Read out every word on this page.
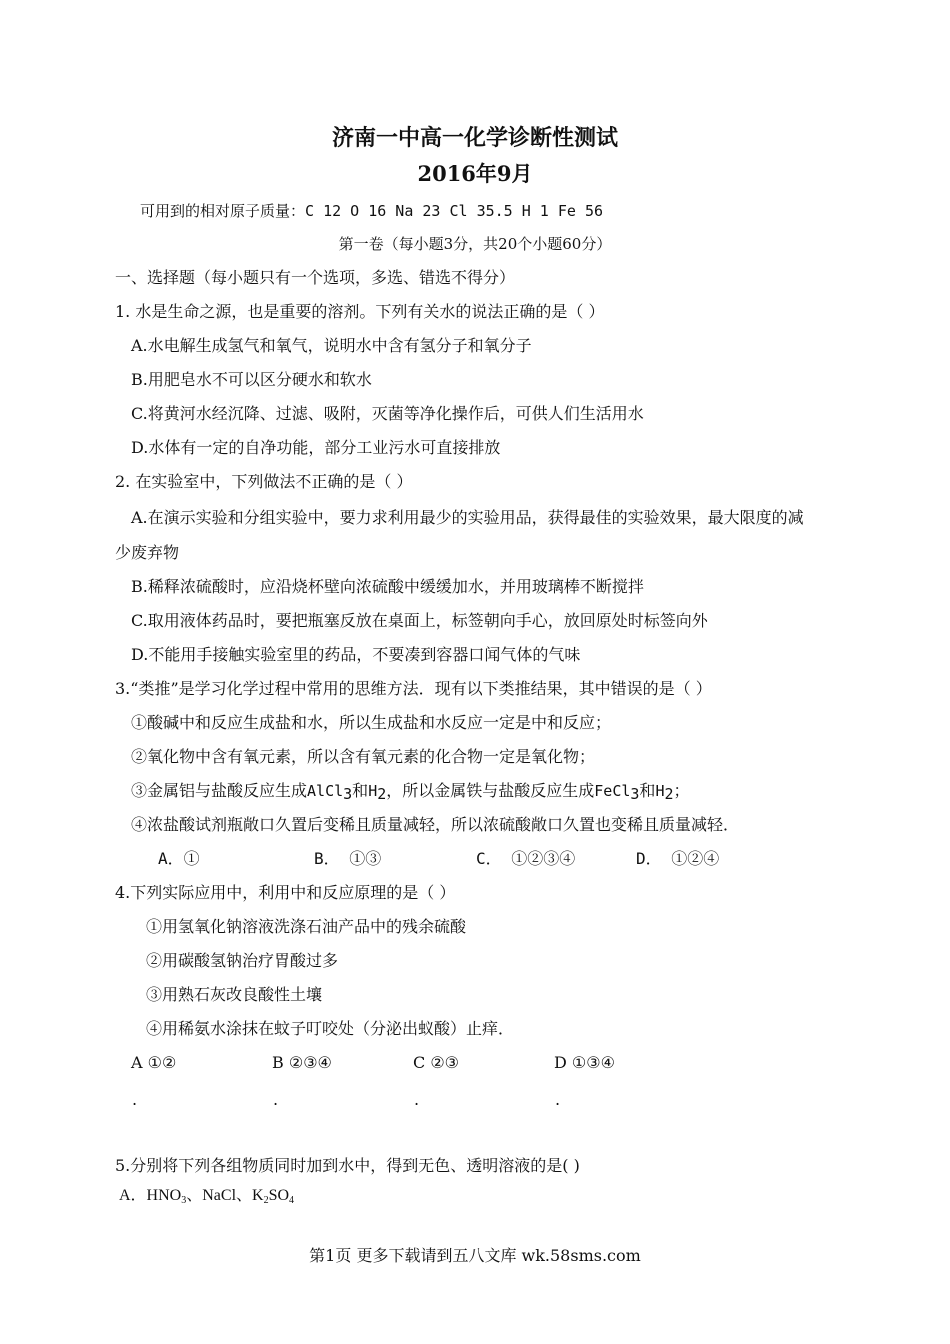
济南一中高一化学诊断性测试
2016年9月
可用到的相对原子质量：C 12 O 16 Na 23 Cl 35.5 H 1 Fe 56
第一卷（每小题3分，共20个小题60分）
一、选择题（每小题只有一个选项，多选、错选不得分）
1. 水是生命之源，也是重要的溶剂。下列有关水的说法正确的是（ ）
A.水电解生成氢气和氧气，说明水中含有氢分子和氧分子
B.用肥皂水不可以区分硬水和软水
C.将黄河水经沉降、过滤、吸附，灭菌等净化操作后，可供人们生活用水
D.水体有一定的自净功能，部分工业污水可直接排放
2. 在实验室中，下列做法不正确的是（ ）
A.在演示实验和分组实验中，要力求利用最少的实验用品，获得最佳的实验效果，最大限度的减
少废弃物
B.稀释浓硫酸时，应沿烧杯壁向浓硫酸中缓缓加水，并用玻璃棒不断搅拌
C.取用液体药品时，要把瓶塞反放在桌面上，标签朝向手心，放回原处时标签向外
D.不能用手接触实验室里的药品，不要凑到容器口闻气体的气味
3.“类推”是学习化学过程中常用的思维方法．现有以下类推结果，其中错误的是（ ）
①酸碱中和反应生成盐和水，所以生成盐和水反应一定是中和反应；
②氧化物中含有氧元素，所以含有氧元素的化合物一定是氧化物；
③金属铝与盐酸反应生成AlCl$_3$和$H_2$，所以金属铁与盐酸反应生成FeCl$_3$和$H_2$；
④浓盐酸试剂瓶敞口久置后变稀且质量减轻，所以浓硫酸敞口久置也变稀且质量减轻．
A．①	B． ①③	C． ①②③④	D． ①②④
4.下列实际应用中，利用中和反应原理的是（ ）
①用氢氧化钠溶液洗涤石油产品中的残余硫酸
②用碳酸氢钠治疗胃酸过多
③用熟石灰改良酸性土壤
④用稀氨水涂抹在蚊子叮咬处（分泌出蚁酸）止痒．
A ①②	B ②③④	C ②③	D ①③④
.	.	.	.
5.分别将下列各组物质同时加到水中，得到无色、透明溶液的是( )
A．$HNO_3$、NaCl、$K_2SO_4$
第1页 更多下载请到五八文库 wk.58sms.com
